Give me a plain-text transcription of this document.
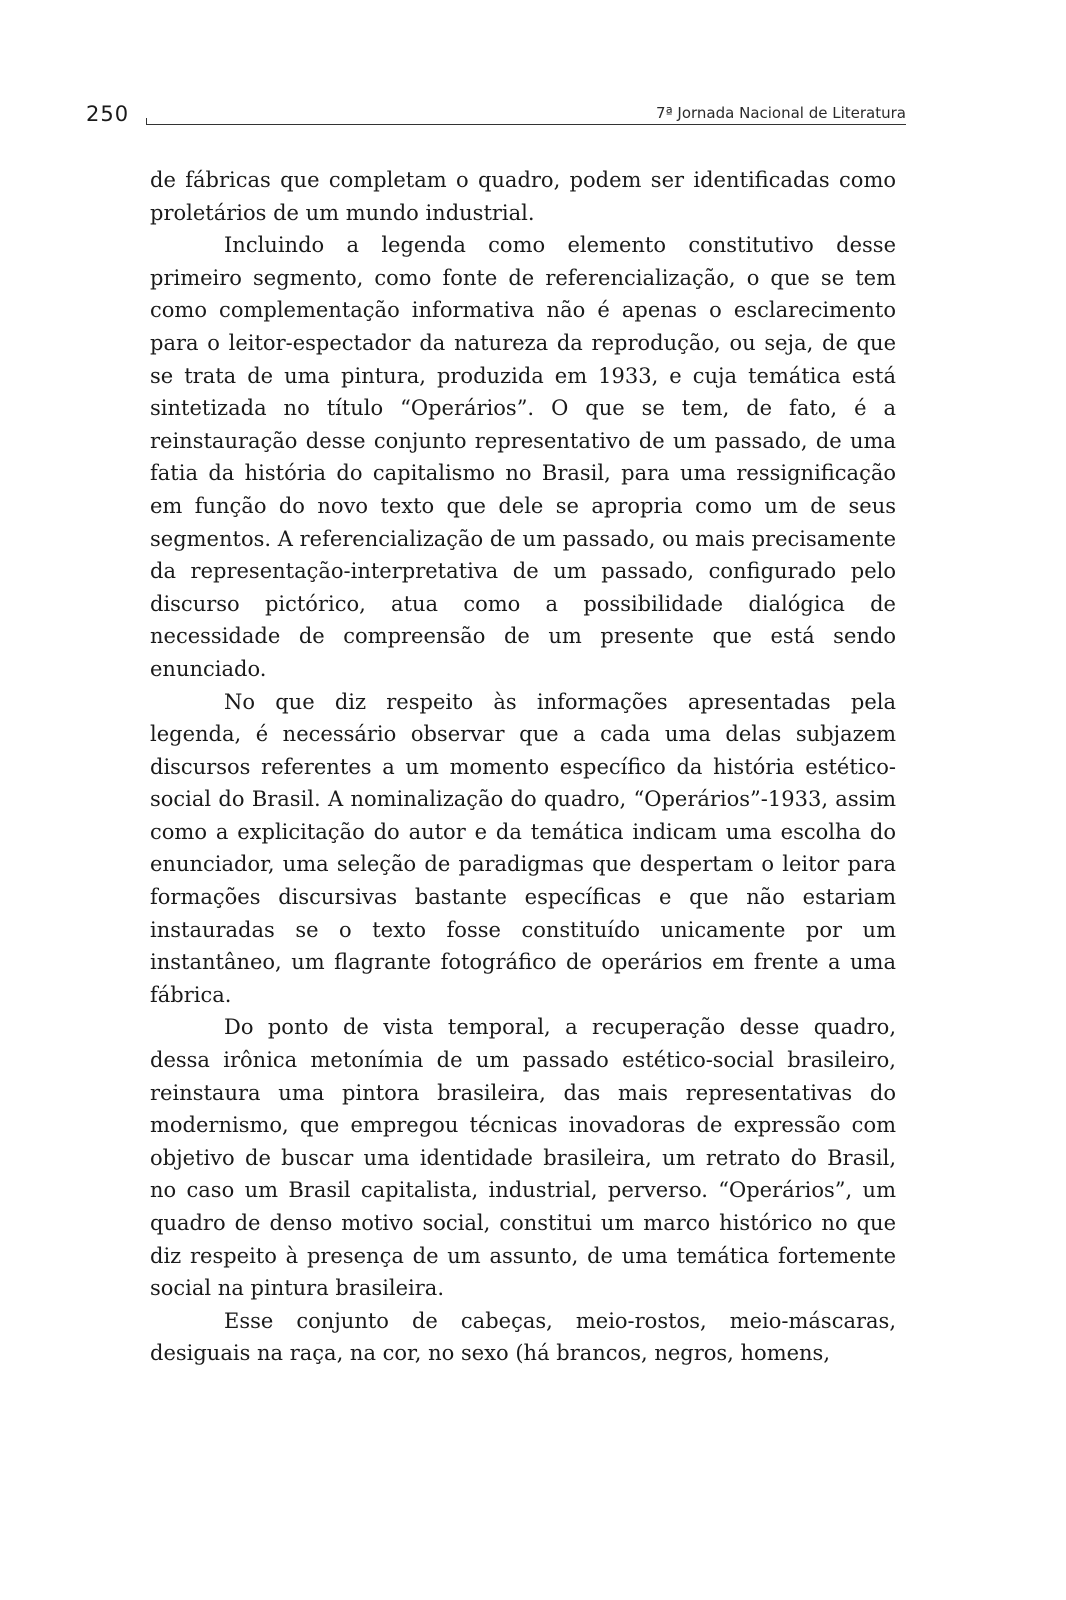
250	7ª Jornada Nacional de Literatura

de fábricas que completam o quadro, podem ser identificadas como proletários de um mundo industrial.

Incluindo a legenda como elemento constitutivo desse primeiro segmento, como fonte de referencialização, o que se tem como complementação informativa não é apenas o esclarecimento para o leitor-espectador da natureza da reprodução, ou seja, de que se trata de uma pintura, produzida em 1933, e cuja temática está sintetizada no título “Operários”. O que se tem, de fato, é a reinstauração desse conjunto representativo de um passado, de uma fatia da história do capitalismo no Brasil, para uma ressignificação em função do novo texto que dele se apropria como um de seus segmentos. A referencialização de um passado, ou mais precisamente da representação-interpretativa de um passado, configurado pelo discurso pictórico, atua como a possibilidade dialógica de necessidade de compreensão de um presente que está sendo enunciado.

No que diz respeito às informações apresentadas pela legenda, é necessário observar que a cada uma delas subjazem discursos referentes a um momento específico da história estético-social do Brasil. A nominalização do quadro, “Operários”-1933, assim como a explicitação do autor e da temática indicam uma escolha do enunciador, uma seleção de paradigmas que despertam o leitor para formações discursivas bastante específicas e que não estariam instauradas se o texto fosse constituído unicamente por um instantâneo, um flagrante fotográfico de operários em frente a uma fábrica.

Do ponto de vista temporal, a recuperação desse quadro, dessa irônica metonímia de um passado estético-social brasileiro, reinstaura uma pintora brasileira, das mais representativas do modernismo, que empregou técnicas inovadoras de expressão com objetivo de buscar uma identidade brasileira, um retrato do Brasil, no caso um Brasil capitalista, industrial, perverso. “Operários”, um quadro de denso motivo social, constitui um marco histórico no que diz respeito à presença de um assunto, de uma temática fortemente social na pintura brasileira.

Esse conjunto de cabeças, meio-rostos, meio-máscaras, desiguais na raça, na cor, no sexo (há brancos, negros, homens,
